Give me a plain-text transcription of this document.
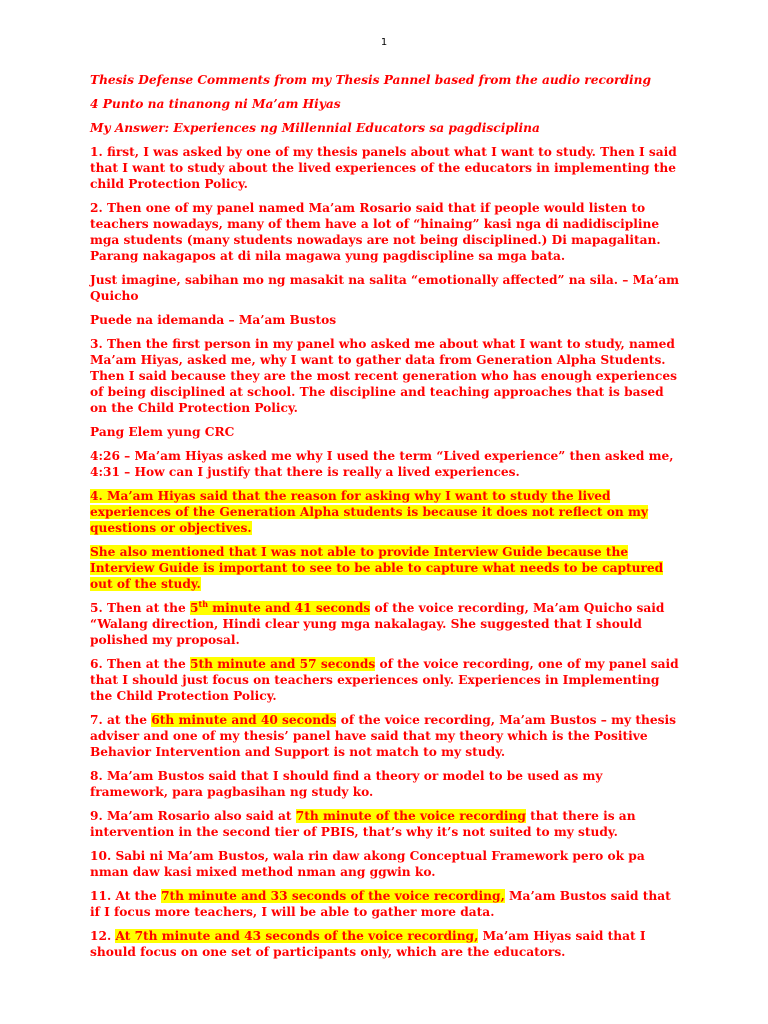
1

Thesis Defense Comments from my Thesis Pannel based from the audio recording

4 Punto na tinanong ni Ma’am Hiyas

My Answer: Experiences ng Millennial Educators sa pagdisciplina

1. first, I was asked by one of my thesis panels about what I want to study. Then I said that I want to study about the lived experiences of the educators in implementing the child Protection Policy.

2. Then one of my panel named Ma’am Rosario said that if people would listen to teachers nowadays, many of them have a lot of “hinaing” kasi nga di nadidiscipline mga students (many students nowadays are not being disciplined.) Di mapagalitan. Parang nakagapos at di nila magawa yung pagdiscipline sa mga bata.

Just imagine, sabihan mo ng masakit na salita “emotionally affected” na sila. – Ma’am Quicho

Puede na idemanda – Ma’am Bustos

3. Then the first person in my panel who asked me about what I want to study, named Ma’am Hiyas, asked me, why I want to gather data from Generation Alpha Students. Then I said because they are the most recent generation who has enough experiences of being disciplined at school. The discipline and teaching approaches that is based on the Child Protection Policy.

Pang Elem yung CRC

4:26 – Ma’am Hiyas asked me why I used the term “Lived experience” then asked me, 4:31 – How can I justify that there is really a lived experiences.

4. Ma’am Hiyas said that the reason for asking why I want to study the lived experiences of the Generation Alpha students is because it does not reflect on my questions or objectives.

She also mentioned that I was not able to provide Interview Guide because the Interview Guide is important to see to be able to capture what needs to be captured out of the study.

5. Then at the 5th minute and 41 seconds of the voice recording, Ma’am Quicho said “Walang direction, Hindi clear yung mga nakalagay. She suggested that I should polished my proposal.

6. Then at the 5th minute and 57 seconds of the voice recording, one of my panel said that I should just focus on teachers experiences only. Experiences in Implementing the Child Protection Policy.

7. at the 6th minute and 40 seconds of the voice recording, Ma’am Bustos – my thesis adviser and one of my thesis’ panel have said that my theory which is the Positive Behavior Intervention and Support is not match to my study.

8. Ma’am Bustos said that I should find a theory or model to be used as my framework, para pagbasihan ng study ko.

9. Ma’am Rosario also said at 7th minute of the voice recording that there is an intervention in the second tier of PBIS, that’s why it’s not suited to my study.

10. Sabi ni Ma’am Bustos, wala rin daw akong Conceptual Framework pero ok pa nman daw kasi mixed method nman ang ggwin ko.

11. At the 7th minute and 33 seconds of the voice recording, Ma’am Bustos said that if I focus more teachers, I will be able to gather more data.

12. At 7th minute and 43 seconds of the voice recording, Ma’am Hiyas said that I should focus on one set of participants only, which are the educators.
